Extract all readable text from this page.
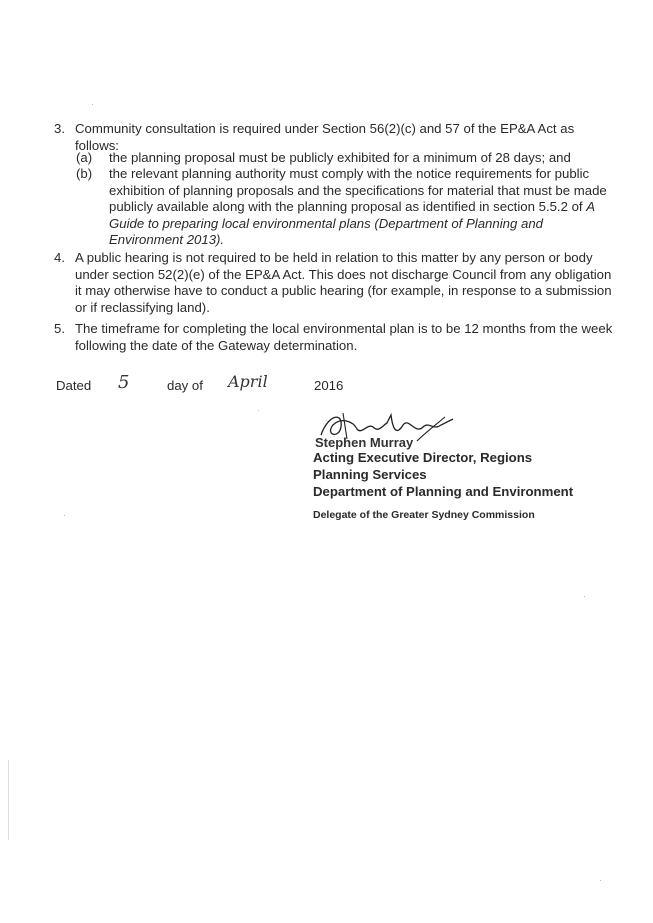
3. Community consultation is required under Section 56(2)(c) and 57 of the EP&A Act as follows:
(a) the planning proposal must be publicly exhibited for a minimum of 28 days; and
(b) the relevant planning authority must comply with the notice requirements for public exhibition of planning proposals and the specifications for material that must be made publicly available along with the planning proposal as identified in section 5.5.2 of A Guide to preparing local environmental plans (Department of Planning and Environment 2013).
4. A public hearing is not required to be held in relation to this matter by any person or body under section 52(2)(e) of the EP&A Act. This does not discharge Council from any obligation it may otherwise have to conduct a public hearing (for example, in response to a submission or if reclassifying land).
5. The timeframe for completing the local environmental plan is to be 12 months from the week following the date of the Gateway determination.
Dated 5	day of April	2016
Stephen Murray
Acting Executive Director, Regions
Planning Services
Department of Planning and Environment
Delegate of the Greater Sydney Commission
